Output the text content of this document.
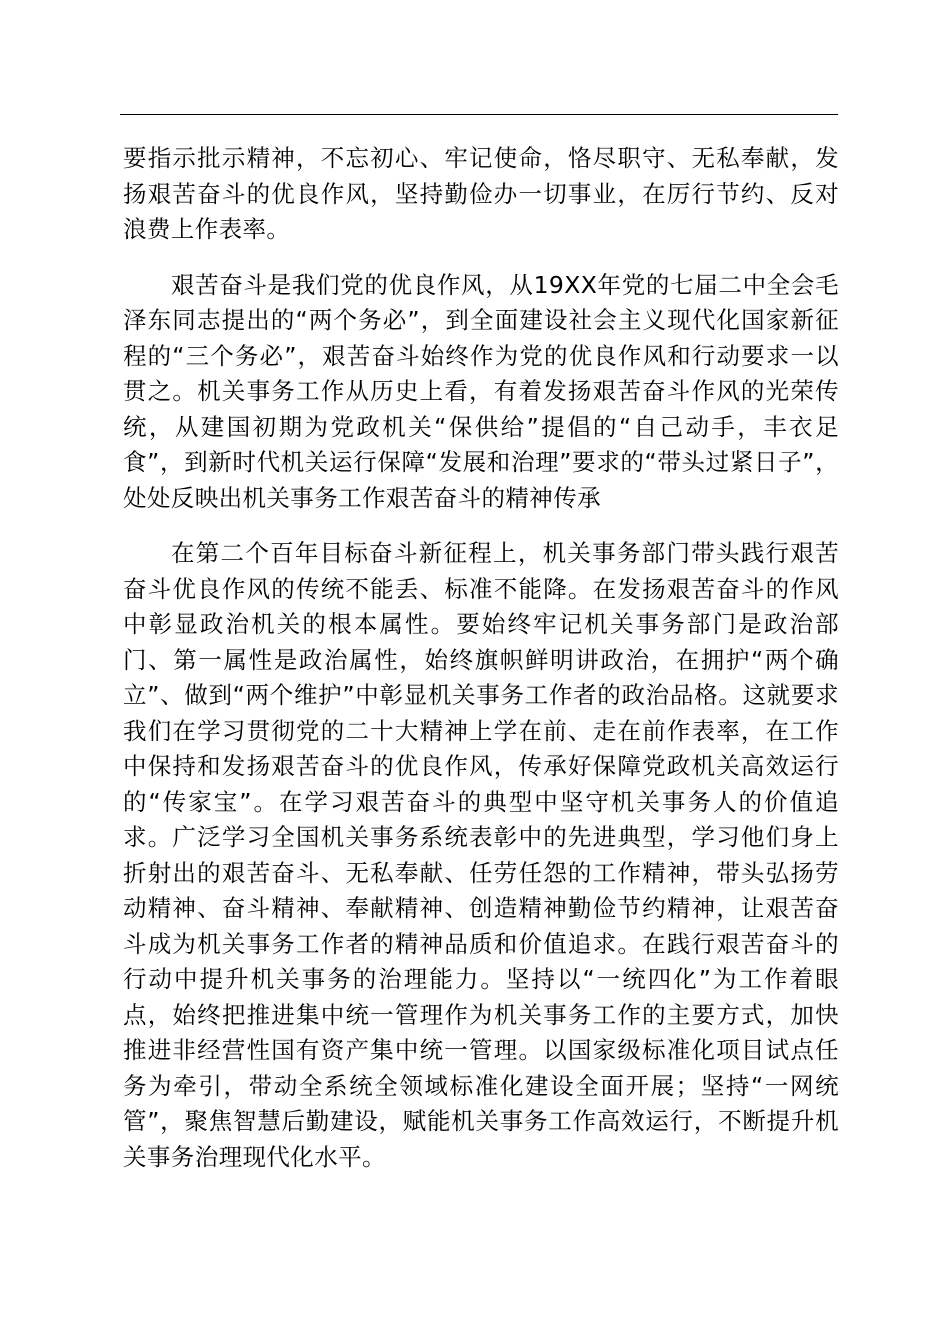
要指示批示精神，不忘初心、牢记使命，恪尽职守、无私奉献，发扬艰苦奋斗的优良作风，坚持勤俭办一切事业，在厉行节约、反对浪费上作表率。

艰苦奋斗是我们党的优良作风，从19XX年党的七届二中全会毛泽东同志提出的“两个务必”，到全面建设社会主义现代化国家新征程的“三个务必”，艰苦奋斗始终作为党的优良作风和行动要求一以贯之。机关事务工作从历史上看，有着发扬艰苦奋斗作风的光荣传统，从建国初期为党政机关“保供给”提倡的“自己动手，丰衣足食”，到新时代机关运行保障“发展和治理”要求的“带头过紧日子”，处处反映出机关事务工作艰苦奋斗的精神传承

在第二个百年目标奋斗新征程上，机关事务部门带头践行艰苦奋斗优良作风的传统不能丢、标准不能降。在发扬艰苦奋斗的作风中彰显政治机关的根本属性。要始终牢记机关事务部门是政治部门、第一属性是政治属性，始终旗帜鲜明讲政治，在拥护“两个确立”、做到“两个维护”中彰显机关事务工作者的政治品格。这就要求我们在学习贯彻党的二十大精神上学在前、走在前作表率，在工作中保持和发扬艰苦奋斗的优良作风，传承好保障党政机关高效运行的“传家宝”。在学习艰苦奋斗的典型中坚守机关事务人的价值追求。广泛学习全国机关事务系统表彰中的先进典型，学习他们身上折射出的艰苦奋斗、无私奉献、任劳任怨的工作精神，带头弘扬劳动精神、奋斗精神、奉献精神、创造精神勤俭节约精神，让艰苦奋斗成为机关事务工作者的精神品质和价值追求。在践行艰苦奋斗的行动中提升机关事务的治理能力。坚持以“一统四化”为工作着眼点，始终把推进集中统一管理作为机关事务工作的主要方式，加快推进非经营性国有资产集中统一管理。以国家级标准化项目试点任务为牵引，带动全系统全领域标准化建设全面开展；坚持“一网统管”，聚焦智慧后勤建设，赋能机关事务工作高效运行，不断提升机关事务治理现代化水平。
